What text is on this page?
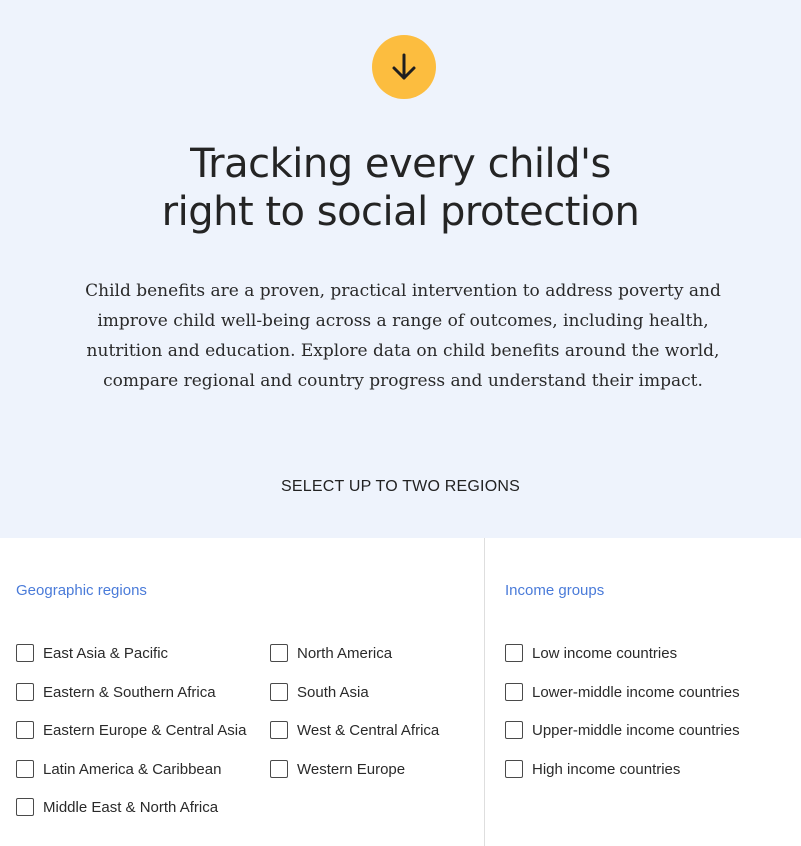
Tracking every child's
right to social protection

Child benefits are a proven, practical intervention to address poverty and improve child well-being across a range of outcomes, including health, nutrition and education. Explore data on child benefits around the world, compare regional and country progress and understand their impact.

SELECT UP TO TWO REGIONS
Geographic regions
East Asia & Pacific
Eastern & Southern Africa
Eastern Europe & Central Asia
Latin America & Caribbean
Middle East & North Africa
North America
South Asia
West & Central Africa
Western Europe
Income groups
Low income countries
Lower-middle income countries
Upper-middle income countries
High income countries
